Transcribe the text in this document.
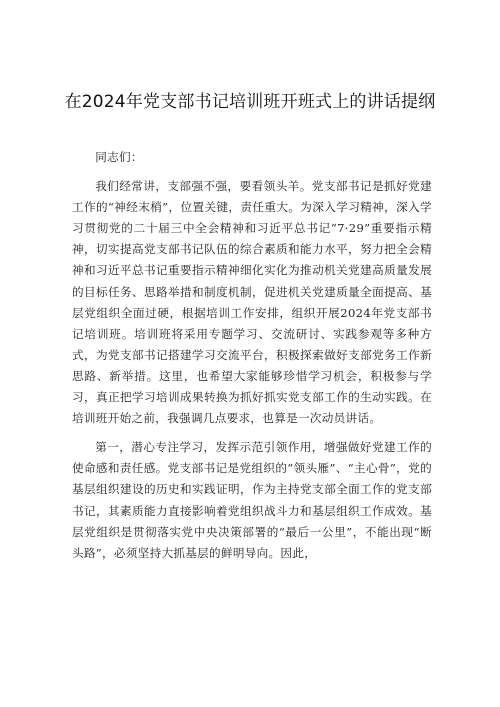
在2024年党支部书记培训班开班式上的讲话提纲

同志们：

我们经常讲，支部强不强，要看领头羊。党支部书记是抓好党建工作的“神经末梢”，位置关键，责任重大。为深入学习精神，深入学习贯彻党的二十届三中全会精神和习近平总书记“7·29”重要指示精神，切实提高党支部书记队伍的综合素质和能力水平，努力把全会精神和习近平总书记重要指示精神细化实化为推动机关党建高质量发展的目标任务、思路举措和制度机制，促进机关党建质量全面提高、基层党组织全面过硬，根据培训工作安排，组织开展2024年党支部书记培训班。培训班将采用专题学习、交流研讨、实践参观等多种方式，为党支部书记搭建学习交流平台，积极探索做好支部党务工作新思路、新举措。这里，也希望大家能够珍惜学习机会，积极参与学习，真正把学习培训成果转换为抓好抓实党支部工作的生动实践。在培训班开始之前，我强调几点要求，也算是一次动员讲话。

第一，潜心专注学习，发挥示范引领作用，增强做好党建工作的使命感和责任感。党支部书记是党组织的“领头雁”、“主心骨”，党的基层组织建设的历史和实践证明，作为主持党支部全面工作的党支部书记，其素质能力直接影响着党组织战斗力和基层组织工作成效。基层党组织是贯彻落实党中央决策部署的“最后一公里”，不能出现“断头路”，必须坚持大抓基层的鲜明导向。因此，
